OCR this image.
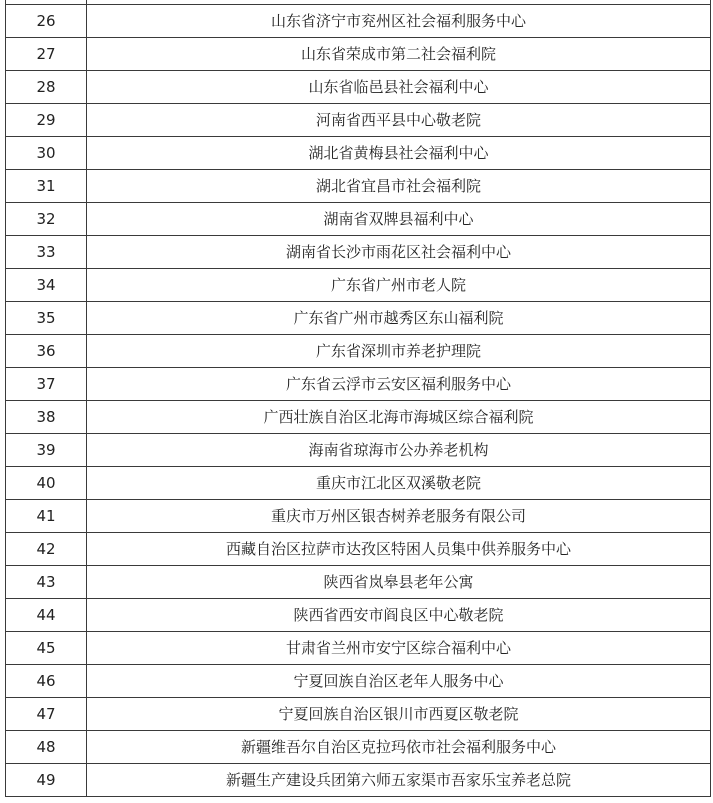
26	山东省济宁市兖州区社会福利服务中心
27	山东省荣成市第二社会福利院
28	山东省临邑县社会福利中心
29	河南省西平县中心敬老院
30	湖北省黄梅县社会福利中心
31	湖北省宜昌市社会福利院
32	湖南省双牌县福利中心
33	湖南省长沙市雨花区社会福利中心
34	广东省广州市老人院
35	广东省广州市越秀区东山福利院
36	广东省深圳市养老护理院
37	广东省云浮市云安区福利服务中心
38	广西壮族自治区北海市海城区综合福利院
39	海南省琼海市公办养老机构
40	重庆市江北区双溪敬老院
41	重庆市万州区银杏树养老服务有限公司
42	西藏自治区拉萨市达孜区特困人员集中供养服务中心
43	陕西省岚皋县老年公寓
44	陕西省西安市阎良区中心敬老院
45	甘肃省兰州市安宁区综合福利中心
46	宁夏回族自治区老年人服务中心
47	宁夏回族自治区银川市西夏区敬老院
48	新疆维吾尔自治区克拉玛依市社会福利服务中心
49	新疆生产建设兵团第六师五家渠市吾家乐宝养老总院
